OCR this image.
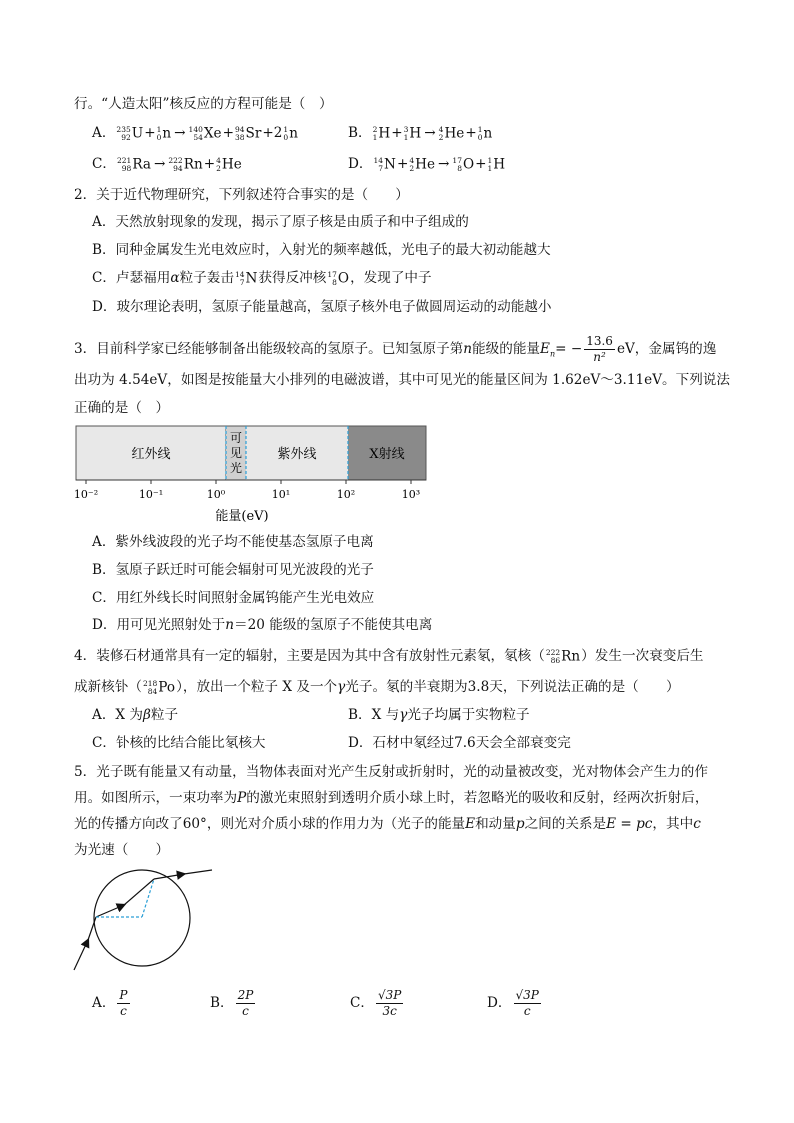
行。“人造太阳”核反应的方程可能是（　）
A． 235
92 U+ 1
0 n → 140
54 Xe+ 94
38 Sr+2 1
0 n	B． 2
1 H+ 3
1 H → 4
2 He+ 1
0 n
C． 221
98 Ra → 222
94 Rn+ 4
2 He	D． 14
7 N+ 4
2 He → 17
8 O+ 1
1 H
2．关于近代物理研究，下列叙述符合事实的是（　　）
A．天然放射现象的发现，揭示了原子核是由质子和中子组成的
B．同种金属发生光电效应时，入射光的频率越低，光电子的最大初动能越大
C．卢瑟福用α粒子轰击 14
7 N获得反冲核 17
8 O，发现了中子
D．玻尔理论表明，氢原子能量越高，氢原子核外电子做圆周运动的动能越小
3．目前科学家已经能够制备出能级较高的氢原子。已知氢原子第n能级的能量$E_n= - \frac{13.6}{\text{n²}}$ eV，金属钨的逸
出功为 4.54eV，如图是按能量大小排列的电磁波谱，其中可见光的能量区间为 1.62eV～3.11eV。下列说法
正确的是（　）
红外线
可
见
光
紫外线	X射线
10⁻²	10⁻¹	10⁰	10¹	10²	10³
能量(eV)
A．紫外线波段的光子均不能使基态氢原子电离
B．氢原子跃迁时可能会辐射可见光波段的光子
C．用红外线长时间照射金属钨能产生光电效应
D．用可见光照射处于n＝20 能级的氢原子不能使其电离
4．装修石材通常具有一定的辐射，主要是因为其中含有放射性元素氡，氡核（ 222
86 Rn）发生一次衰变后生
成新核钋（ 218
84 Po），放出一个粒子 X 及一个γ光子。氡的半衰期为3.8天，下列说法正确的是（　　）
A．X 为β粒子	B．X 与γ光子均属于实物粒子
C．钋核的比结合能比氡核大	D．石材中氡经过7.6天会全部衰变完
5．光子既有能量又有动量，当物体表面对光产生反射或折射时，光的动量被改变，光对物体会产生力的作
用。如图所示，一束功率为P的激光束照射到透明介质小球上时，若忽略光的吸收和反射，经两次折射后，
光的传播方向改了60°，则光对介质小球的作用力为（光子的能量E和动量p之间的关系是E = pc，其中c
为光速（　　）
A． $\frac{P}{c}$	B． $\frac{2P}{c}$	C． $\frac{√3P}{3c}$	D． $\frac{√3P}{c}$
